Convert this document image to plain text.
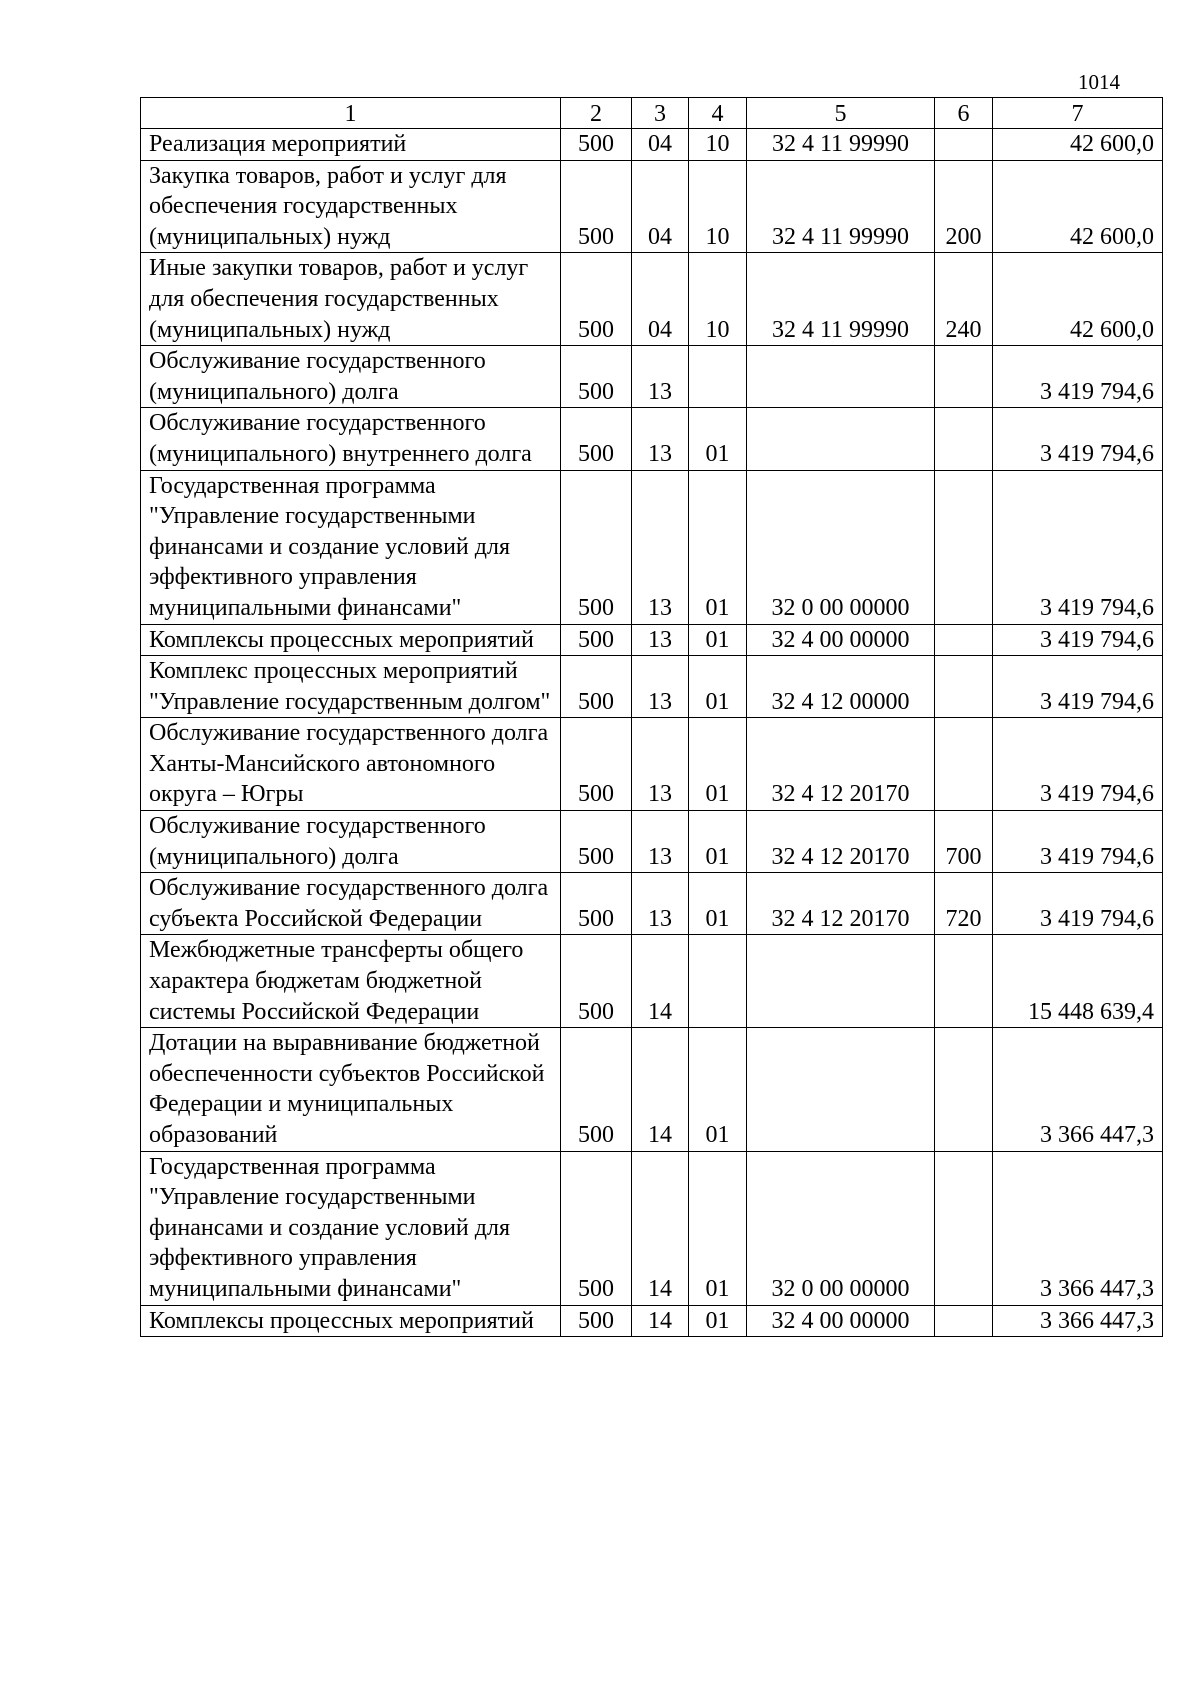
1014
1	2	3	4	5	6	7
Реализация мероприятий	500	04	10	32 4 11 99990		42 600,0
Закупка товаров, работ и услуг для обеспечения государственных (муниципальных) нужд	500	04	10	32 4 11 99990	200	42 600,0
Иные закупки товаров, работ и услуг для обеспечения государственных (муниципальных) нужд	500	04	10	32 4 11 99990	240	42 600,0
Обслуживание государственного (муниципального) долга	500	13				3 419 794,6
Обслуживание государственного (муниципального) внутреннего долга	500	13	01			3 419 794,6
Государственная программа "Управление государственными финансами и создание условий для эффективного управления муниципальными финансами"	500	13	01	32 0 00 00000		3 419 794,6
Комплексы процессных мероприятий	500	13	01	32 4 00 00000		3 419 794,6
Комплекс процессных мероприятий "Управление государственным долгом"	500	13	01	32 4 12 00000		3 419 794,6
Обслуживание государственного долга Ханты-Мансийского автономного округа – Югры	500	13	01	32 4 12 20170		3 419 794,6
Обслуживание государственного (муниципального) долга	500	13	01	32 4 12 20170	700	3 419 794,6
Обслуживание государственного долга субъекта Российской Федерации	500	13	01	32 4 12 20170	720	3 419 794,6
Межбюджетные трансферты общего характера бюджетам бюджетной системы Российской Федерации	500	14				15 448 639,4
Дотации на выравнивание бюджетной обеспеченности субъектов Российской Федерации и муниципальных образований	500	14	01			3 366 447,3
Государственная программа "Управление государственными финансами и создание условий для эффективного управления муниципальными финансами"	500	14	01	32 0 00 00000		3 366 447,3
Комплексы процессных мероприятий	500	14	01	32 4 00 00000		3 366 447,3
